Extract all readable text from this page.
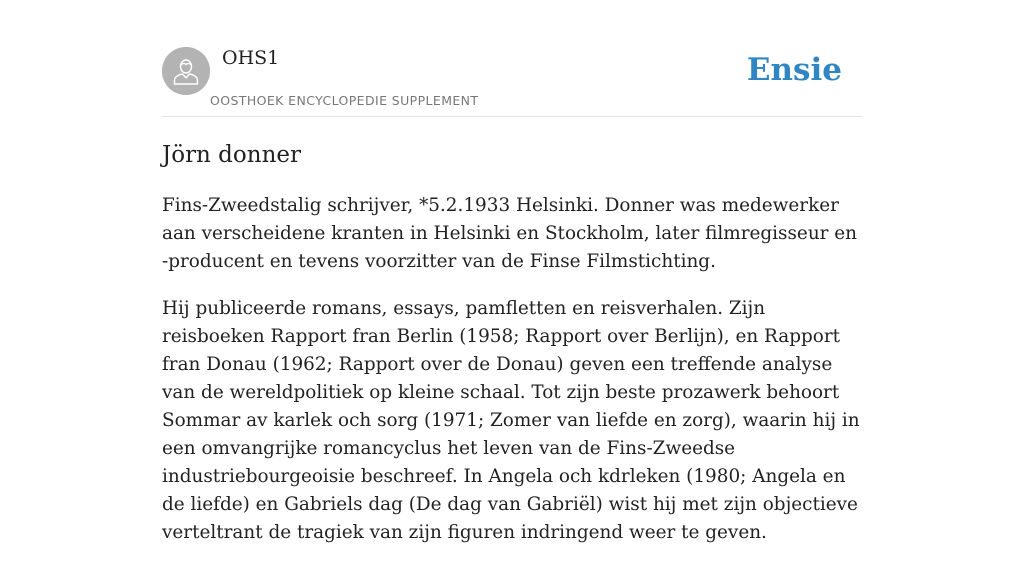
OHS1
OOSTHOEK ENCYCLOPEDIE SUPPLEMENT
Ensie
Jörn donner

Fins-Zweedstalig schrijver, *5.2.1933 Helsinki. Donner was medewerker aan verscheidene kranten in Helsinki en Stockholm, later filmregisseur en -producent en tevens voorzitter van de Finse Filmstichting.

Hij publiceerde romans, essays, pamfletten en reisverhalen. Zijn reisboeken Rapport fran Berlin (1958; Rapport over Berlijn), en Rapport fran Donau (1962; Rapport over de Donau) geven een treffende analyse van de wereldpolitiek op kleine schaal. Tot zijn beste prozawerk behoort Sommar av karlek och sorg (1971; Zomer van liefde en zorg), waarin hij in een omvangrijke romancyclus het leven van de Fins-Zweedse industriebourgeoisie beschreef. In Angela och kdrleken (1980; Angela en de liefde) en Gabriels dag (De dag van Gabriël) wist hij met zijn objectieve verteltrant de tragiek van zijn figuren indringend weer te geven.
